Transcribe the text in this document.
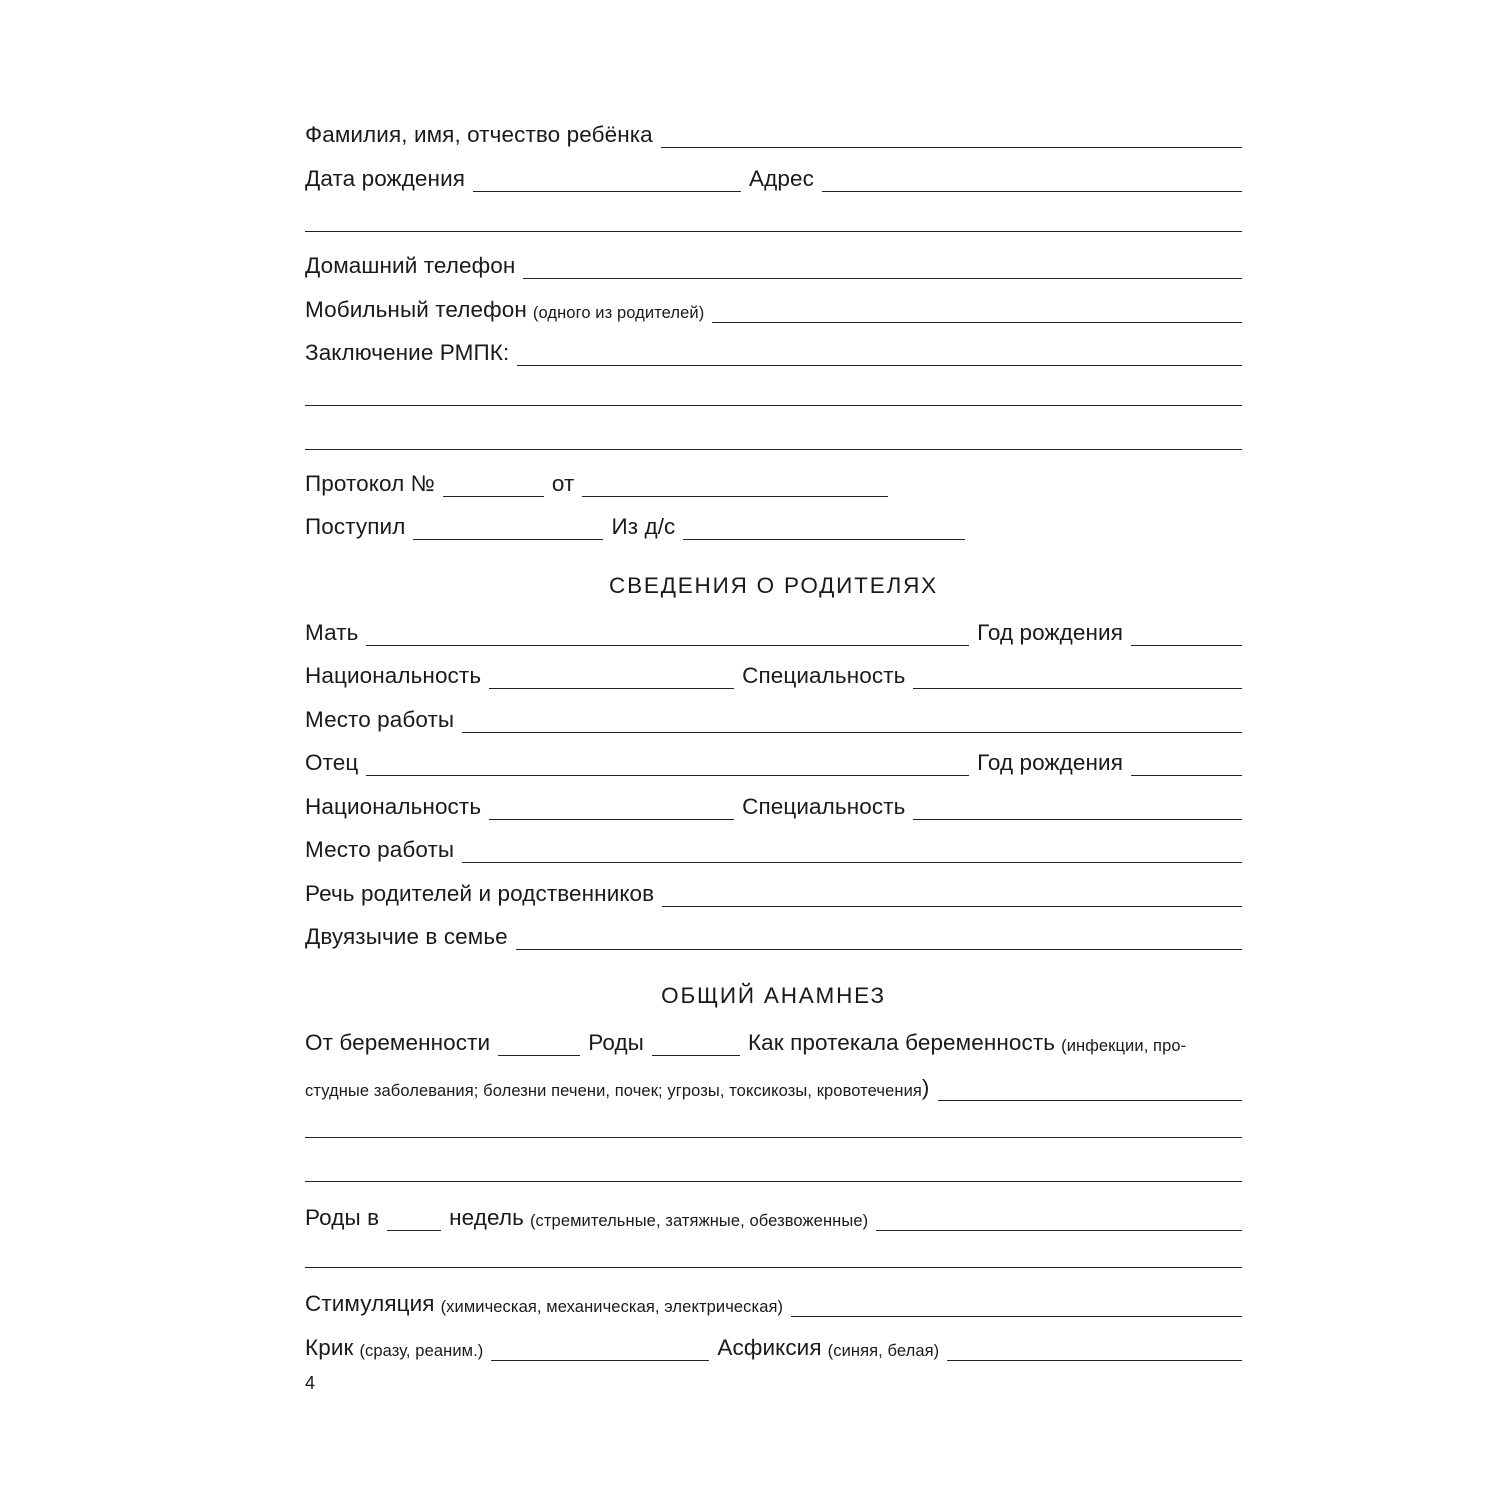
Фамилия, имя, отчество ребёнка
Дата рождения	Адрес
Домашний телефон
Мобильный телефон (одного из родителей)
Заключение РМПК:
Протокол №	от
Поступил	Из д/с
СВЕДЕНИЯ О РОДИТЕЛЯХ
Мать	Год рождения
Национальность	Специальность
Место работы
Отец	Год рождения
Национальность	Специальность
Место работы
Речь родителей и родственников
Двуязычие в семье
ОБЩИЙ АНАМНЕЗ
От беременности	Роды	Как протекала беременность (инфекции, про-
студные заболевания; болезни печени, почек; угрозы, токсикозы, кровотечения )
Роды в	недель (стремительные, затяжные, обезвоженные)
Стимуляция (химическая, механическая, электрическая)
Крик (сразу, реаним.)	Асфиксия (синяя, белая)
4
